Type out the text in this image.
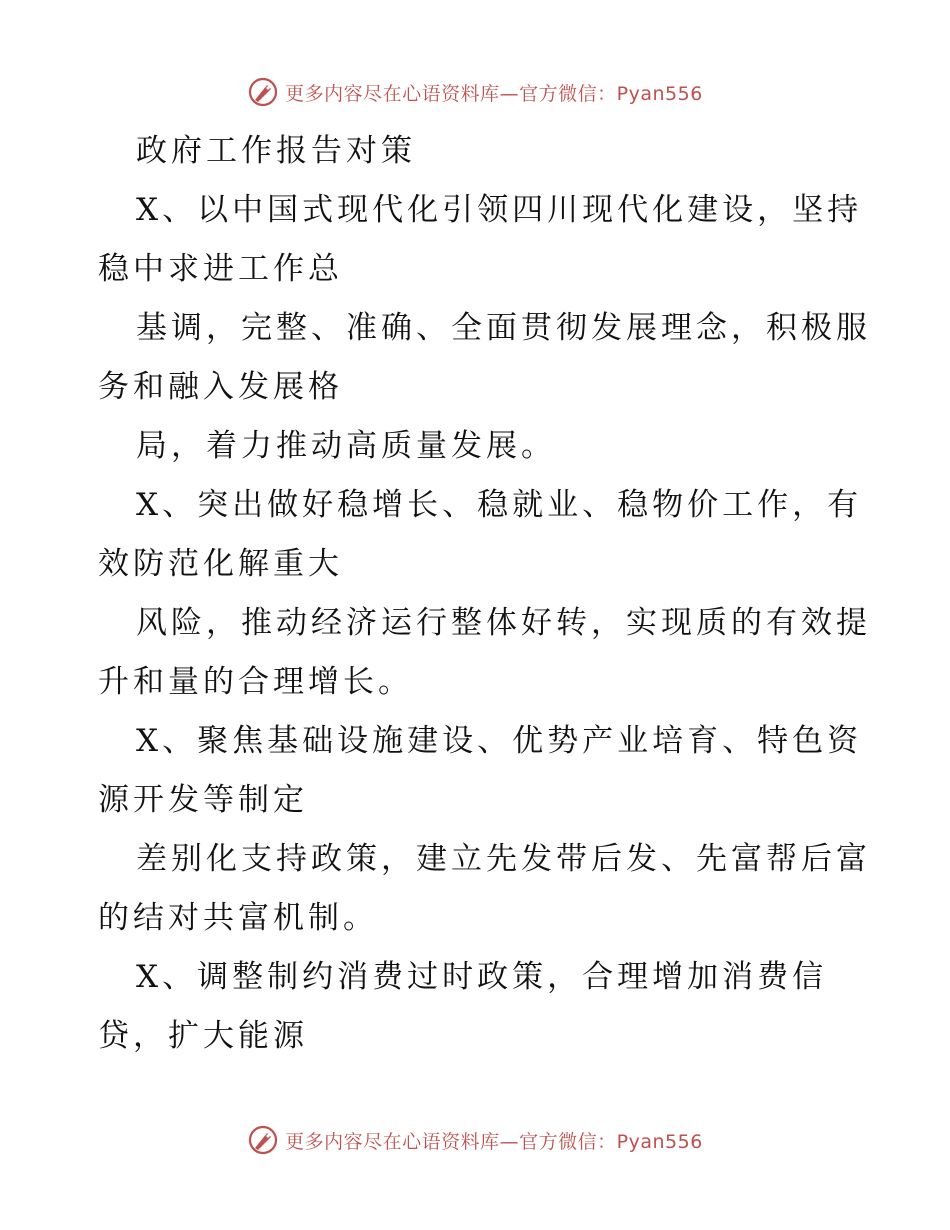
更多内容尽在心语资料库—官方微信：Pyan556
政府工作报告对策
X、以中国式现代化引领四川现代化建设，坚持
稳中求进工作总
基调，完整、准确、全面贯彻发展理念，积极服
务和融入发展格
局，着力推动高质量发展。
X、突出做好稳增长、稳就业、稳物价工作，有
效防范化解重大
风险，推动经济运行整体好转，实现质的有效提
升和量的合理增长。
X、聚焦基础设施建设、优势产业培育、特色资
源开发等制定
差别化支持政策，建立先发带后发、先富帮后富
的结对共富机制。
X、调整制约消费过时政策，合理增加消费信
贷，扩大能源
更多内容尽在心语资料库—官方微信：Pyan556
